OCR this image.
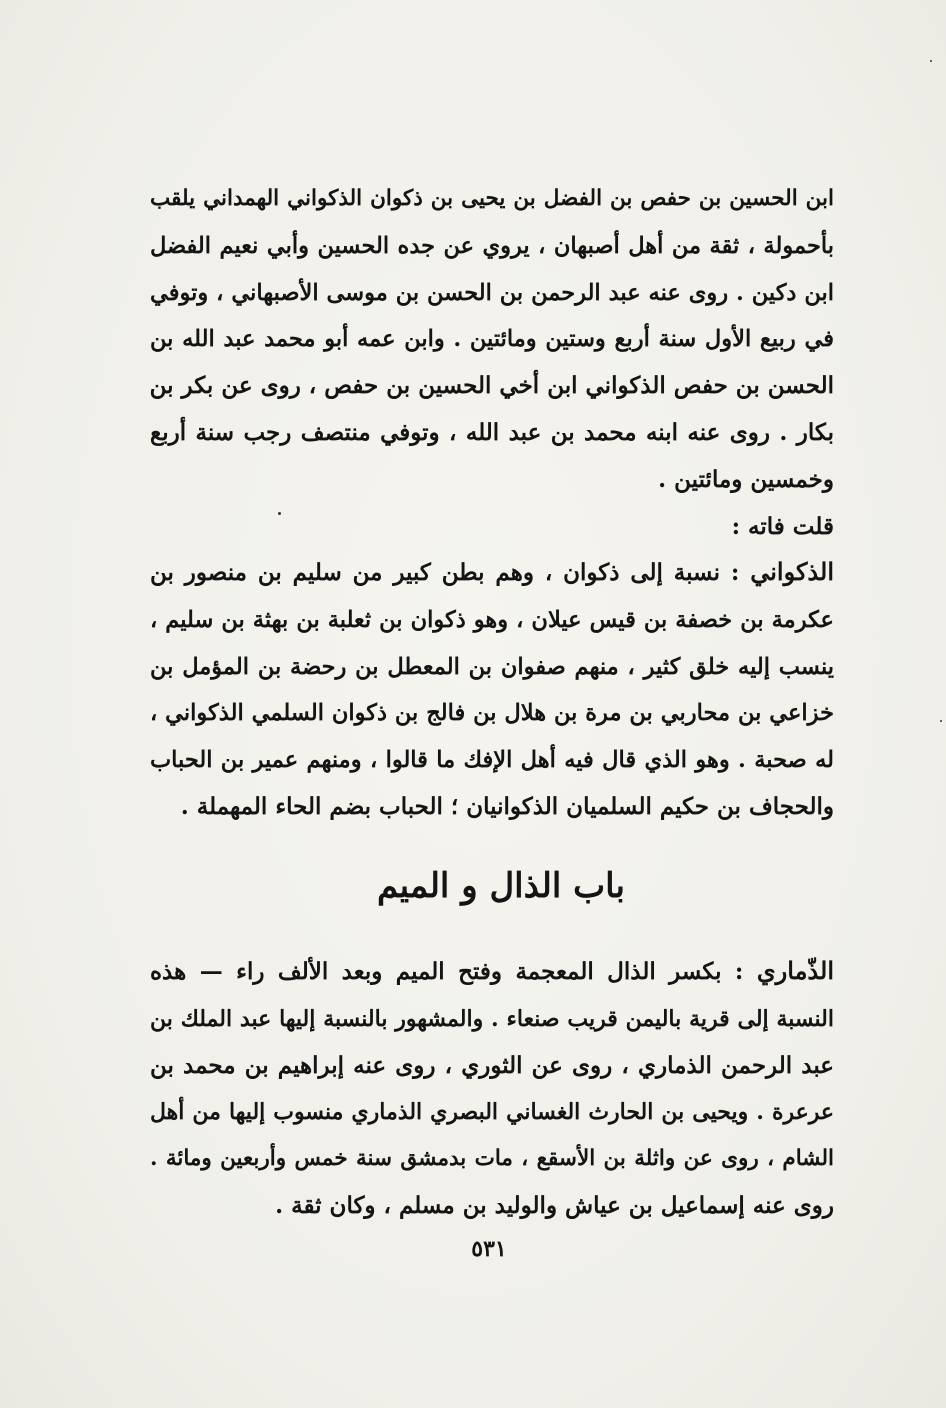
ابن الحسين بن حفص بن الفضل بن يحيى بن ذكوان الذكواني الهمداني يلقب
بأحمولة ، ثقة من أهل أصبهان ، يروي عن جده الحسين وأبي نعيم الفضل
ابن دكين . روى عنه عبد الرحمن بن الحسن بن موسى الأصبهاني ، وتوفي
في ربيع الأول سنة أربع وستين ومائتين . وابن عمه أبو محمد عبد الله بن
الحسن بن حفص الذكواني ابن أخي الحسين بن حفص ، روى عن بكر بن
بكار . روى عنه ابنه محمد بن عبد الله ، وتوفي منتصف رجب سنة أربع
وخمسين ومائتين .
قلت فاته :
الذكواني : نسبة إلى ذكوان ، وهم بطن كبير من سليم بن منصور بن
عكرمة بن خصفة بن قيس عيلان ، وهو ذكوان بن ثعلبة بن بهثة بن سليم ،
ينسب إليه خلق كثير ، منهم صفوان بن المعطل بن رحضة بن المؤمل بن
خزاعي بن محاربي بن مرة بن هلال بن فالج بن ذكوان السلمي الذكواني ،
له صحبة . وهو الذي قال فيه أهل الإفك ما قالوا ، ومنهم عمير بن الحباب
والحجاف بن حكيم السلميان الذكوانيان ؛ الحباب بضم الحاء المهملة .
باب الذال و الميم
الذّماري : بكسر الذال المعجمة وفتح الميم وبعد الألف راء — هذه
النسبة إلى قرية باليمن قريب صنعاء . والمشهور بالنسبة إليها عبد الملك بن
عبد الرحمن الذماري ، روى عن الثوري ، روى عنه إبراهيم بن محمد بن
عرعرة . ويحيى بن الحارث الغساني البصري الذماري منسوب إليها من أهل
الشام ، روى عن واثلة بن الأسقع ، مات بدمشق سنة خمس وأربعين ومائة .
روى عنه إسماعيل بن عياش والوليد بن مسلم ، وكان ثقة .
٥٣١
